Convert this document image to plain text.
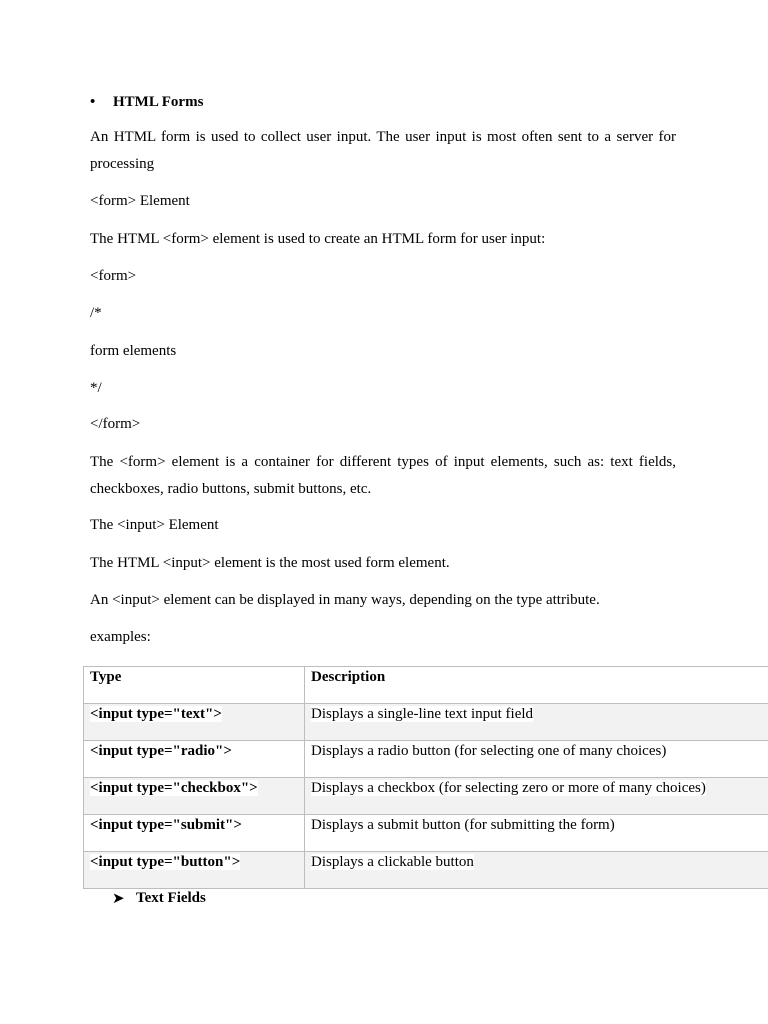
•	HTML Forms

An HTML form is used to collect user input. The user input is most often sent to a server for processing

<form> Element

The HTML <form> element is used to create an HTML form for user input:

<form>

/*

form elements

*/

</form>

The <form> element is a container for different types of input elements, such as: text fields, checkboxes, radio buttons, submit buttons, etc.

The <input> Element

The HTML <input> element is the most used form element.

An <input> element can be displayed in many ways, depending on the type attribute.

examples:

Type	Description
<input type="text">	Displays a single-line text input field
<input type="radio">	Displays a radio button (for selecting one of many choices)
<input type="checkbox">	Displays a checkbox (for selecting zero or more of many choices)
<input type="submit">	Displays a submit button (for submitting the form)
<input type="button">	Displays a clickable button
➤ Text Fields
